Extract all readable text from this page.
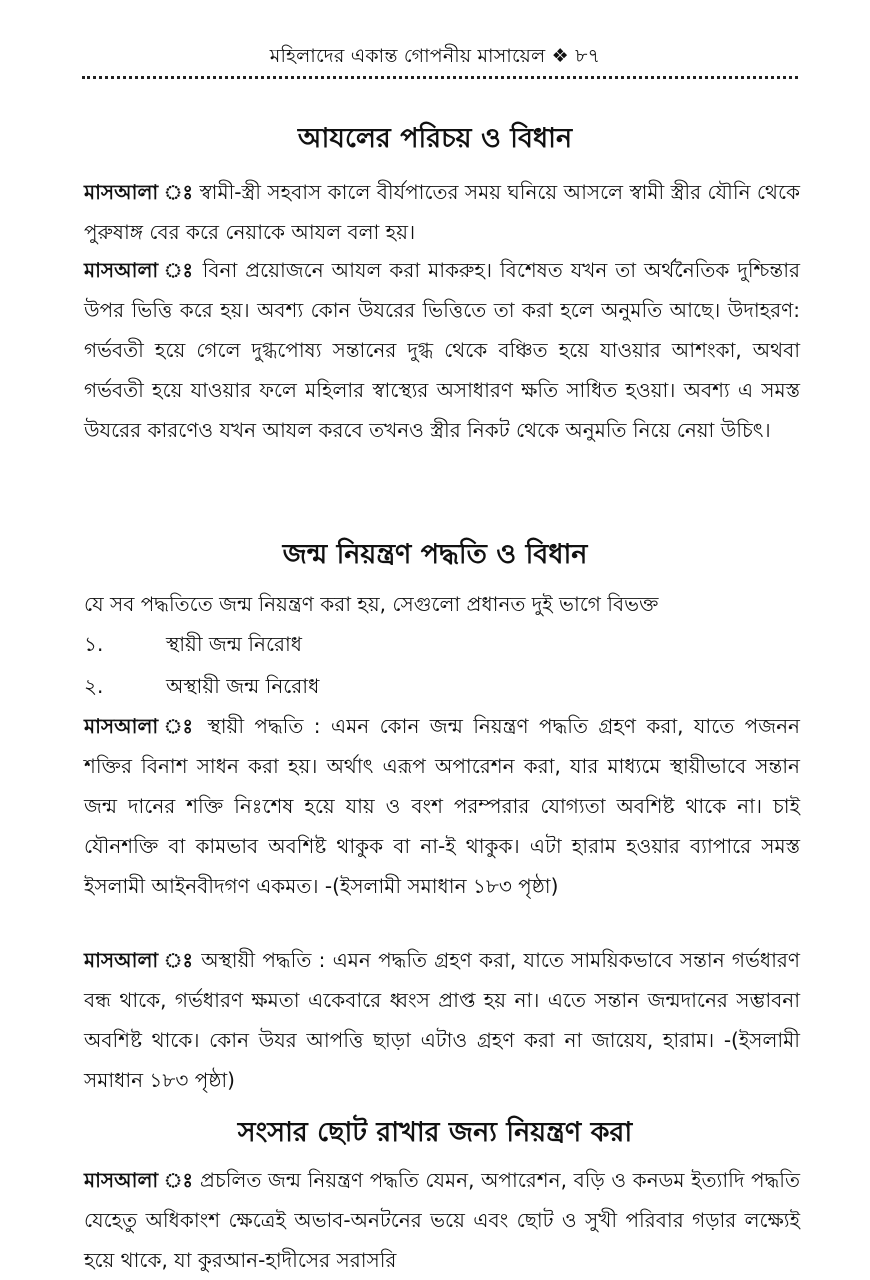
মহিলাদের একান্ত গোপনীয় মাসায়েল ❖ ৮৭
আযলের পরিচয় ও বিধান

মাসআলা ঃ স্বামী-স্ত্রী সহবাস কালে বীর্যপাতের সময় ঘনিয়ে আসলে স্বামী স্ত্রীর যৌনি থেকে পুরুষাঙ্গ বের করে নেয়াকে আযল বলা হয়।

মাসআলা ঃ বিনা প্রয়োজনে আযল করা মাকরুহ। বিশেষত যখন তা অর্থনৈতিক দুশ্চিন্তার উপর ভিত্তি করে হয়। অবশ্য কোন উযরের ভিত্তিতে তা করা হলে অনুমতি আছে। উদাহরণ: গর্ভবতী হয়ে গেলে দুগ্ধপোষ্য সন্তানের দুগ্ধ থেকে বঞ্চিত হয়ে যাওয়ার আশংকা, অথবা গর্ভবতী হয়ে যাওয়ার ফলে মহিলার স্বাস্থ্যের অসাধারণ ক্ষতি সাধিত হওয়া। অবশ্য এ সমস্ত উযরের কারণেও যখন আযল করবে তখনও স্ত্রীর নিকট থেকে অনুমতি নিয়ে নেয়া উচিৎ।

জন্ম নিয়ন্ত্রণ পদ্ধতি ও বিধান

যে সব পদ্ধতিতে জন্ম নিয়ন্ত্রণ করা হয়, সেগুলো প্রধানত দুই ভাগে বিভক্ত

১.	স্থায়ী জন্ম নিরোধ
২.	অস্থায়ী জন্ম নিরোধ

মাসআলা ঃ স্থায়ী পদ্ধতি : এমন কোন জন্ম নিয়ন্ত্রণ পদ্ধতি গ্রহণ করা, যাতে পজনন শক্তির বিনাশ সাধন করা হয়। অর্থাৎ এরূপ অপারেশন করা, যার মাধ্যমে স্থায়ীভাবে সন্তান জন্ম দানের শক্তি নিঃশেষ হয়ে যায় ও বংশ পরম্পরার যোগ্যতা অবশিষ্ট থাকে না। চাই যৌনশক্তি বা কামভাব অবশিষ্ট থাকুক বা না-ই থাকুক। এটা হারাম হওয়ার ব্যাপারে সমস্ত ইসলামী আইনবীদগণ একমত। -(ইসলামী সমাধান ১৮৩ পৃষ্ঠা)

মাসআলা ঃ অস্থায়ী পদ্ধতি : এমন পদ্ধতি গ্রহণ করা, যাতে সাময়িকভাবে সন্তান গর্ভধারণ বন্ধ থাকে, গর্ভধারণ ক্ষমতা একেবারে ধ্বংস প্রাপ্ত হয় না। এতে সন্তান জন্মদানের সম্ভাবনা অবশিষ্ট থাকে। কোন উযর আপত্তি ছাড়া এটাও গ্রহণ করা না জায়েয, হারাম। -(ইসলামী সমাধান ১৮৩ পৃষ্ঠা)

সংসার ছোট রাখার জন্য নিয়ন্ত্রণ করা

মাসআলা ঃ প্রচলিত জন্ম নিয়ন্ত্রণ পদ্ধতি যেমন, অপারেশন, বড়ি ও কনডম ইত্যাদি পদ্ধতি যেহেতু অধিকাংশ ক্ষেত্রেই অভাব-অনটনের ভয়ে এবং ছোট ও সুখী পরিবার গড়ার লক্ষ্যেই হয়ে থাকে, যা কুরআন-হাদীসের সরাসরি
